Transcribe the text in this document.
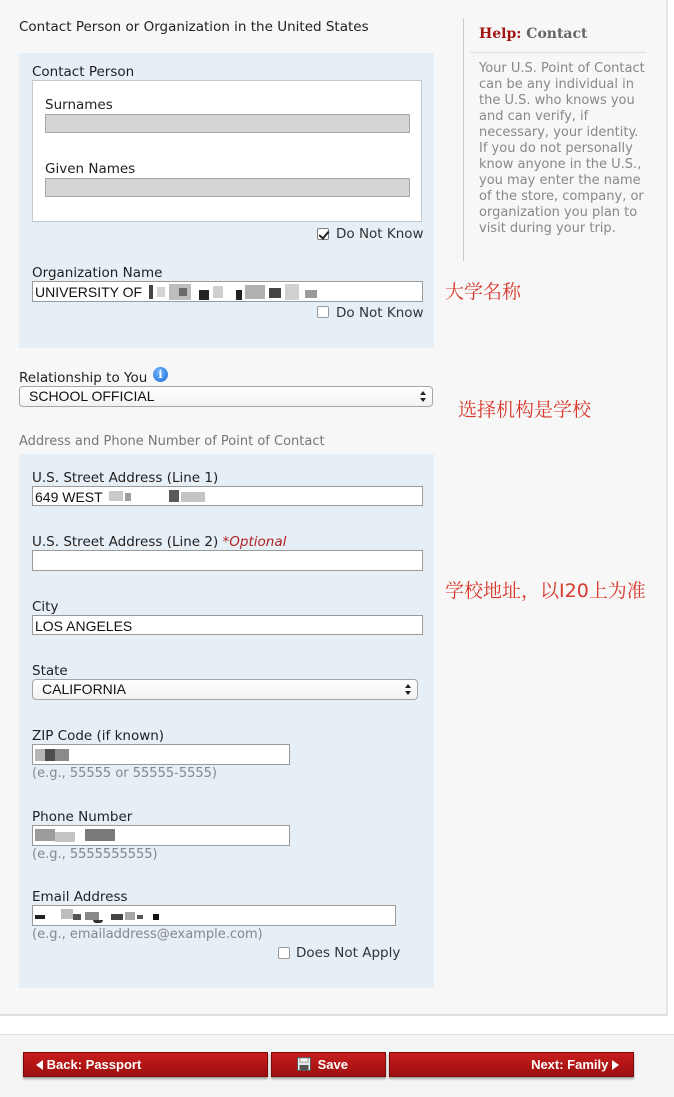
Contact Person or Organization in the United States
Contact Person
Surnames
Given Names
Do Not Know
Organization Name
UNIVERSITY OF
Do Not Know
Relationship to You	i
SCHOOL OFFICIAL
Address and Phone Number of Point of Contact
U.S. Street Address (Line 1)
649 WEST
U.S. Street Address (Line 2) *Optional
City
LOS ANGELES
State
CALIFORNIA
ZIP Code (if known)
(e.g., 55555 or 55555-5555)
Phone Number
(e.g., 5555555555)
Email Address
(e.g., emailaddress@example.com)
Does Not Apply
Help: Contact
Your U.S. Point of Contact can be any individual in the U.S. who knows you and can verify, if necessary, your identity. If you do not personally know anyone in the U.S., you may enter the name of the store, company, or organization you plan to visit during your trip.
大学名称
选择机构是学校
学校地址，以I20上为准
Back: Passport	Save	Next: Family
